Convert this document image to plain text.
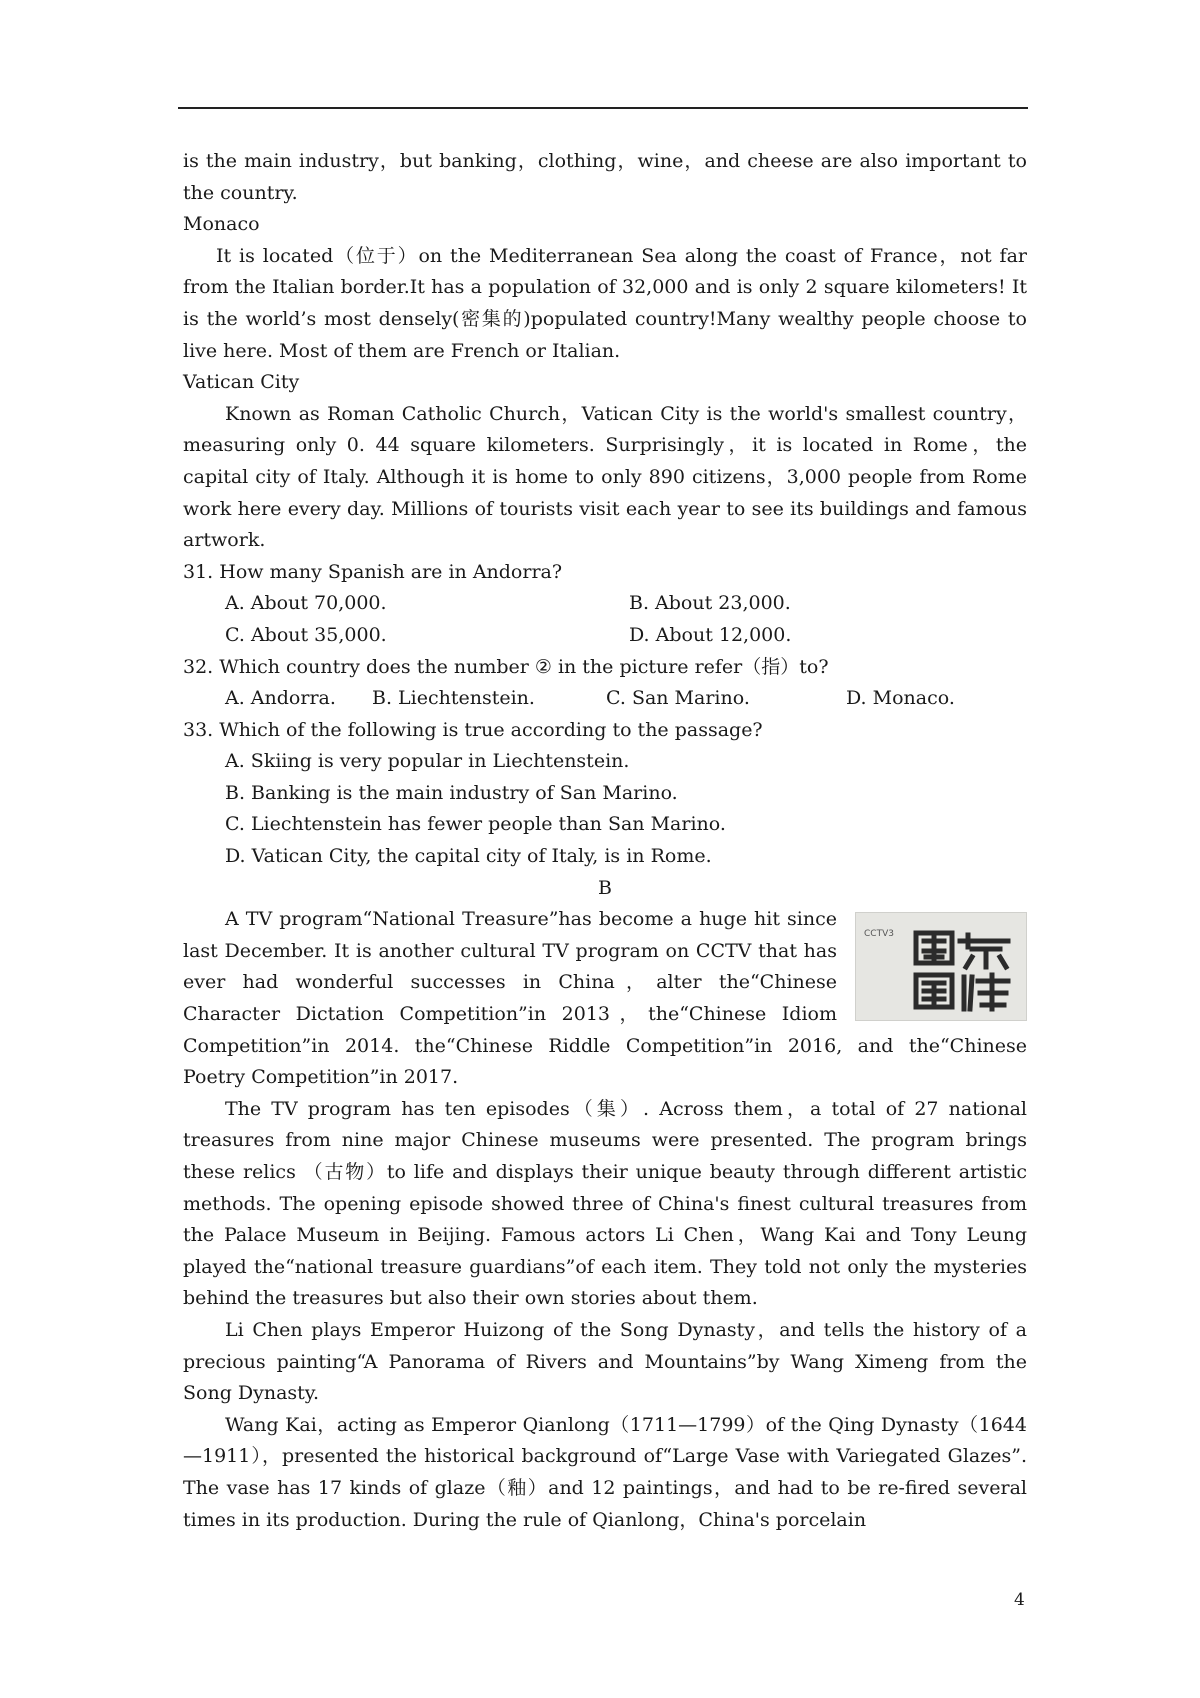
is the main industry，but banking，clothing，wine，and cheese are also important to the country.

Monaco

It is located（位于）on the Mediterranean Sea along the coast of France，not far from the Italian border.It has a population of 32,000 and is only 2 square kilometers! It is the world’s most densely(密集的)populated country!Many wealthy people choose to live here. Most of them are French or Italian.

Vatican City

Known as Roman Catholic Church，Vatican City is the world's smallest country，measuring only 0. 44 square kilometers. Surprisingly，it is located in Rome，the capital city of Italy. Although it is home to only 890 citizens，3,000 people from Rome work here every day. Millions of tourists visit each year to see its buildings and famous artwork.

31. How many Spanish are in Andorra?

A. About 70,000.	B. About 23,000.
C. About 35,000.	D. About 12,000.

32. Which country does the number ② in the picture refer（指）to?

A. Andorra.	B. Liechtenstein.	C. San Marino.	D. Monaco.

33. Which of the following is true according to the passage?

A. Skiing is very popular in Liechtenstein.

B. Banking is the main industry of San Marino.

C. Liechtenstein has fewer people than San Marino.

D. Vatican City, the capital city of Italy, is in Rome.

B

CCTV3

A TV program“National Treasure”has become a huge hit since last December. It is another cultural TV program on CCTV that has ever had wonderful successes in China，alter the“Chinese Character Dictation Competition”in 2013，the“Chinese Idiom Competition”in 2014. the“Chinese Riddle Competition”in 2016, and the“Chinese Poetry Competition”in 2017.

The TV program has ten episodes（集）. Across them，a total of 27 national treasures from nine major Chinese museums were presented. The program brings these relics （古物）to life and displays their unique beauty through different artistic methods. The opening episode showed three of China's finest cultural treasures from the Palace Museum in Beijing. Famous actors Li Chen，Wang Kai and Tony Leung played the“national treasure guardians”of each item. They told not only the mysteries behind the treasures but also their own stories about them.

Li Chen plays Emperor Huizong of the Song Dynasty，and tells the history of a precious painting“A Panorama of Rivers and Mountains”by Wang Ximeng from the Song Dynasty.

Wang Kai，acting as Emperor Qianlong（1711—1799）of the Qing Dynasty（1644—1911），presented the historical background of“Large Vase with Variegated Glazes”. The vase has 17 kinds of glaze（釉）and 12 paintings，and had to be re-fired several times in its production. During the rule of Qianlong，China's porcelain

4
